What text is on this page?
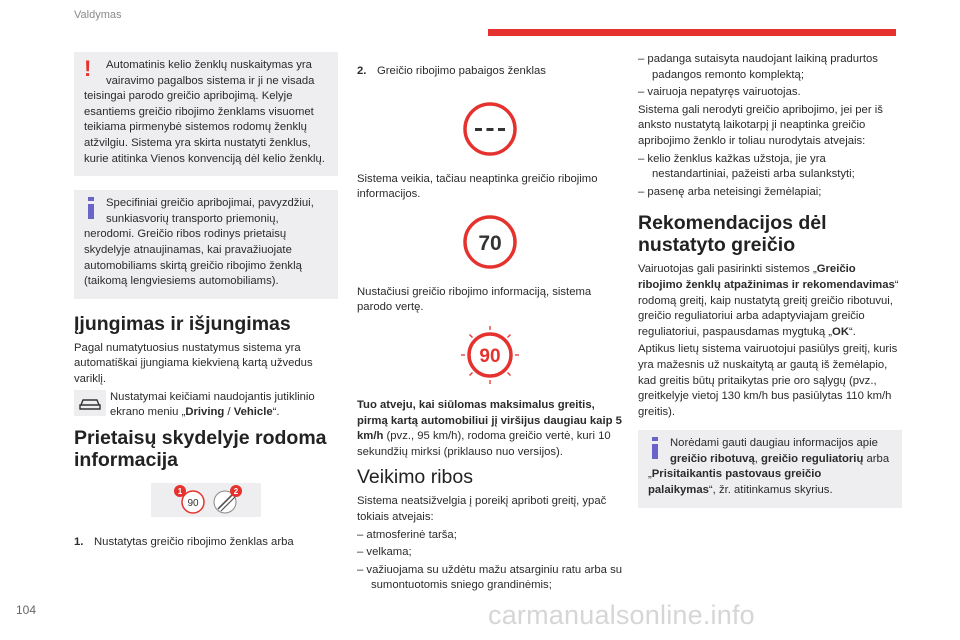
Valdymas
!	Automatinis kelio ženklų nuskaitymas yra vairavimo pagalbos sistema ir ji ne visada teisingai parodo greičio apribojimą. Kelyje esantiems greičio ribojimo ženklams visuomet teikiama pirmenybė sistemos rodomų ženklų atžvilgiu. Sistema yra skirta nustatyti ženklus, kurie atitinka Vienos konvenciją dėl kelio ženklų.

Specifiniai greičio apribojimai, pavyzdžiui, sunkiasvorių transporto priemonių, nerodomi. Greičio ribos rodinys prietaisų skydelyje atnaujinamas, kai pravažiuojate automobiliams skirtą greičio ribojimo ženklą (taikomą lengviesiems automobiliams).

Įjungimas ir išjungimas

Pagal numatytuosius nustatymus sistema yra automatiškai įjungiama kiekvieną kartą užvedus variklį.

Nustatymai keičiami naudojantis jutiklinio ekrano meniu „Driving / Vehicle“.
Prietaisų skydelyje rodoma informacija
90
1	2
1. Nustatytas greičio ribojimo ženklas arba
2. Greičio ribojimo pabaigos ženklas

Sistema veikia, tačiau neaptinka greičio ribojimo informacijos.

70

Nustačiusi greičio ribojimo informaciją, sistema parodo vertę.

90

Tuo atveju, kai siūlomas maksimalus greitis, pirmą kartą automobiliui jį viršijus daugiau kaip 5 km/h (pvz., 95 km/h), rodoma greičio vertė, kuri 10 sekundžių mirksi (priklauso nuo versijos).

Veikimo ribos

Sistema neatsižvelgia į poreikį apriboti greitį, ypač tokiais atvejais:

– atmosferinė tarša;

– velkama;

– važiuojama su uždėtu mažu atsarginiu ratu arba su sumontuotomis sniego grandinėmis;

– padanga sutaisyta naudojant laikiną pradurtos padangos remonto komplektą;

– vairuoja nepatyręs vairuotojas.

Sistema gali nerodyti greičio apribojimo, jei per iš anksto nustatytą laikotarpį ji neaptinka greičio apribojimo ženklo ir toliau nurodytais atvejais:

– kelio ženklus kažkas užstoja, jie yra nestandartiniai, pažeisti arba sulankstyti;

– pasenę arba neteisingi žemėlapiai;

Rekomendacijos dėl nustatyto greičio

Vairuotojas gali pasirinkti sistemos „Greičio ribojimo ženklų atpažinimas ir rekomendavimas“ rodomą greitį, kaip nustatytą greitį greičio ribotuvui, greičio reguliatoriui arba adaptyviajam greičio reguliatoriui, paspausdamas mygtuką „OK“.

Aptikus lietų sistema vairuotojui pasiūlys greitį, kuris yra mažesnis už nuskaitytą ar gautą iš žemėlapio, kad greitis būtų pritaikytas prie oro sąlygų (pvz., greitkelyje vietoj 130 km/h bus pasiūlytas 110 km/h greitis).

Norėdami gauti daugiau informacijos apie greičio ribotuvą, greičio reguliatorių arba „Prisitaikantis pastovaus greičio palaikymas“, žr. atitinkamus skyrius.

104	carmanualsonline.info
